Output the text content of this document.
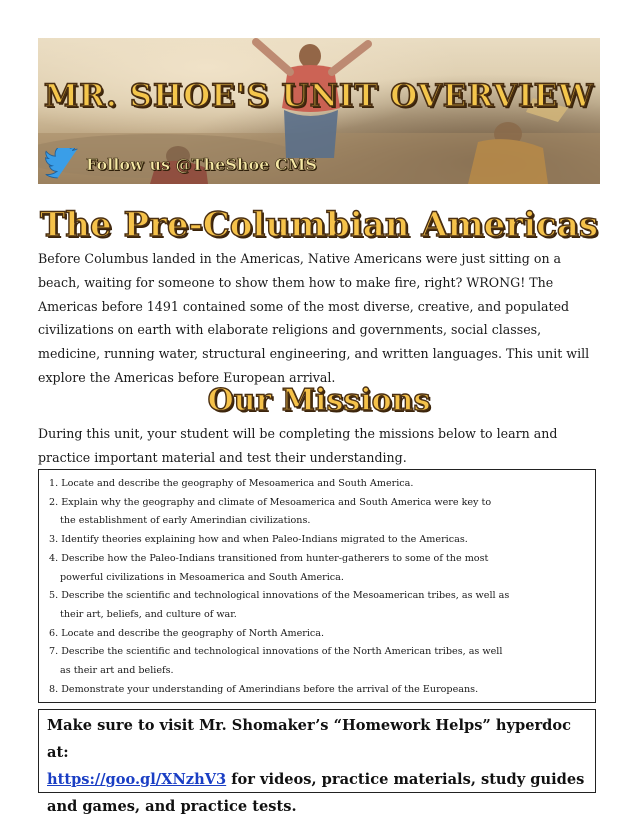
MR. SHOE'S UNIT OVERVIEW
Follow us @TheShoe CMS
The Pre-Columbian Americas

Before Columbus landed in the Americas, Native Americans were just sitting on a beach, waiting for someone to show them how to make fire, right? WRONG! The Americas before 1491 contained some of the most diverse, creative, and populated civilizations on earth with elaborate religions and governments, social classes, medicine, running water, structural engineering, and written languages. This unit will explore the Americas before European arrival.

Our Missions

During this unit, your student will be completing the missions below to learn and practice important material and test their understanding.

1. Locate and describe the geography of Mesoamerica and South America.
2. Explain why the geography and climate of Mesoamerica and South America were key to
the establishment of early Amerindian civilizations.
3. Identify theories explaining how and when Paleo-Indians migrated to the Americas.
4. Describe how the Paleo-Indians transitioned from hunter-gatherers to some of the most
powerful civilizations in Mesoamerica and South America.
5. Describe the scientific and technological innovations of the Mesoamerican tribes, as well as
their art, beliefs, and culture of war.
6. Locate and describe the geography of North America.
7. Describe the scientific and technological innovations of the North American tribes, as well
as their art and beliefs.
8. Demonstrate your understanding of Amerindians before the arrival of the Europeans.

Make sure to visit Mr. Shomaker’s “Homework Helps” hyperdoc at:
https://goo.gl/XNzhV3 for videos, practice materials, study guides and games, and practice tests.
